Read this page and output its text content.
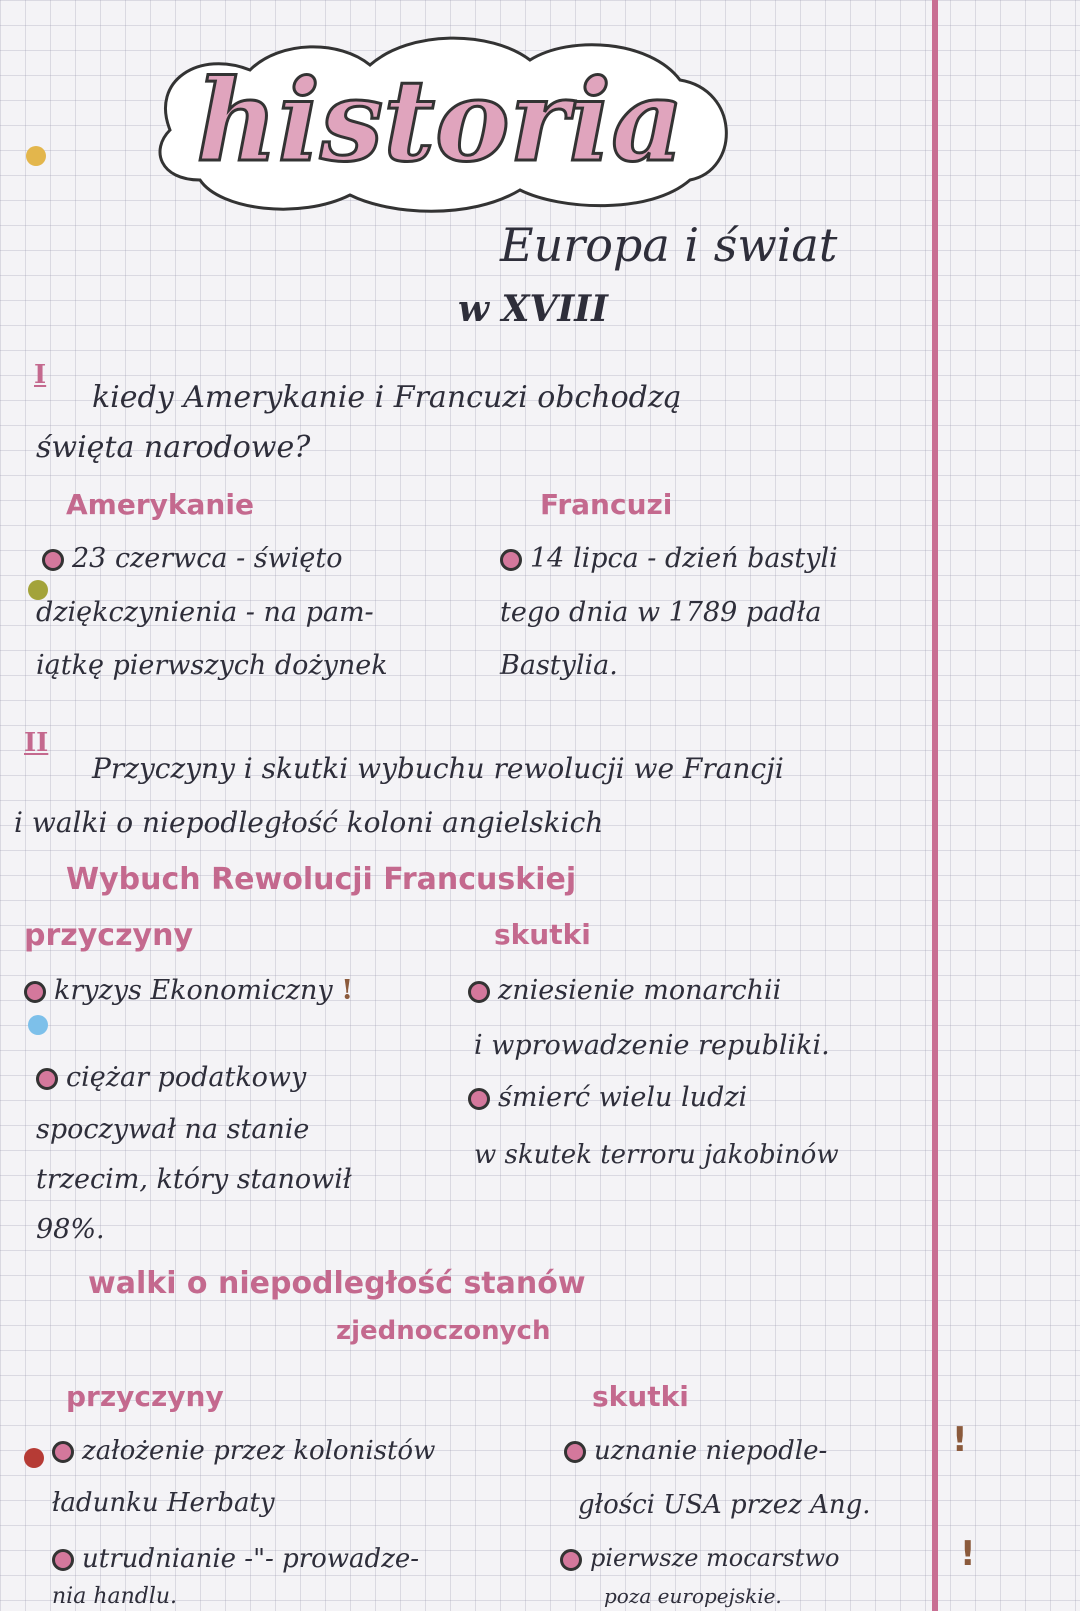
historia
Europa i świat
w XVIII
I
kiedy Amerykanie i Francuzi obchodzą
święta narodowe?
Amerykanie	Francuzi
23 czerwca - święto
dziękczynienia - na pam-
iątkę pierwszych dożynek
14 lipca - dzień bastyli
tego dnia w 1789 padła
Bastylia.
II
Przyczyny i skutki wybuchu rewolucji we Francji
i walki o niepodległość koloni angielskich
Wybuch Rewolucji Francuskiej
przyczyny	skutki
kryzys Ekonomiczny !
ciężar podatkowy
spoczywał na stanie
trzecim, który stanowił
98%.
zniesienie monarchii
i wprowadzenie republiki.
śmierć wielu ludzi
w skutek terroru jakobinów
walki o niepodległość stanów
zjednoczonych
przyczyny	skutki
założenie przez kolonistów
ładunku Herbaty
utrudnianie -"- prowadze-
nia handlu.
uznanie niepodle-
głości USA przez Ang.
pierwsze mocarstwo
poza europejskie.
!
!
